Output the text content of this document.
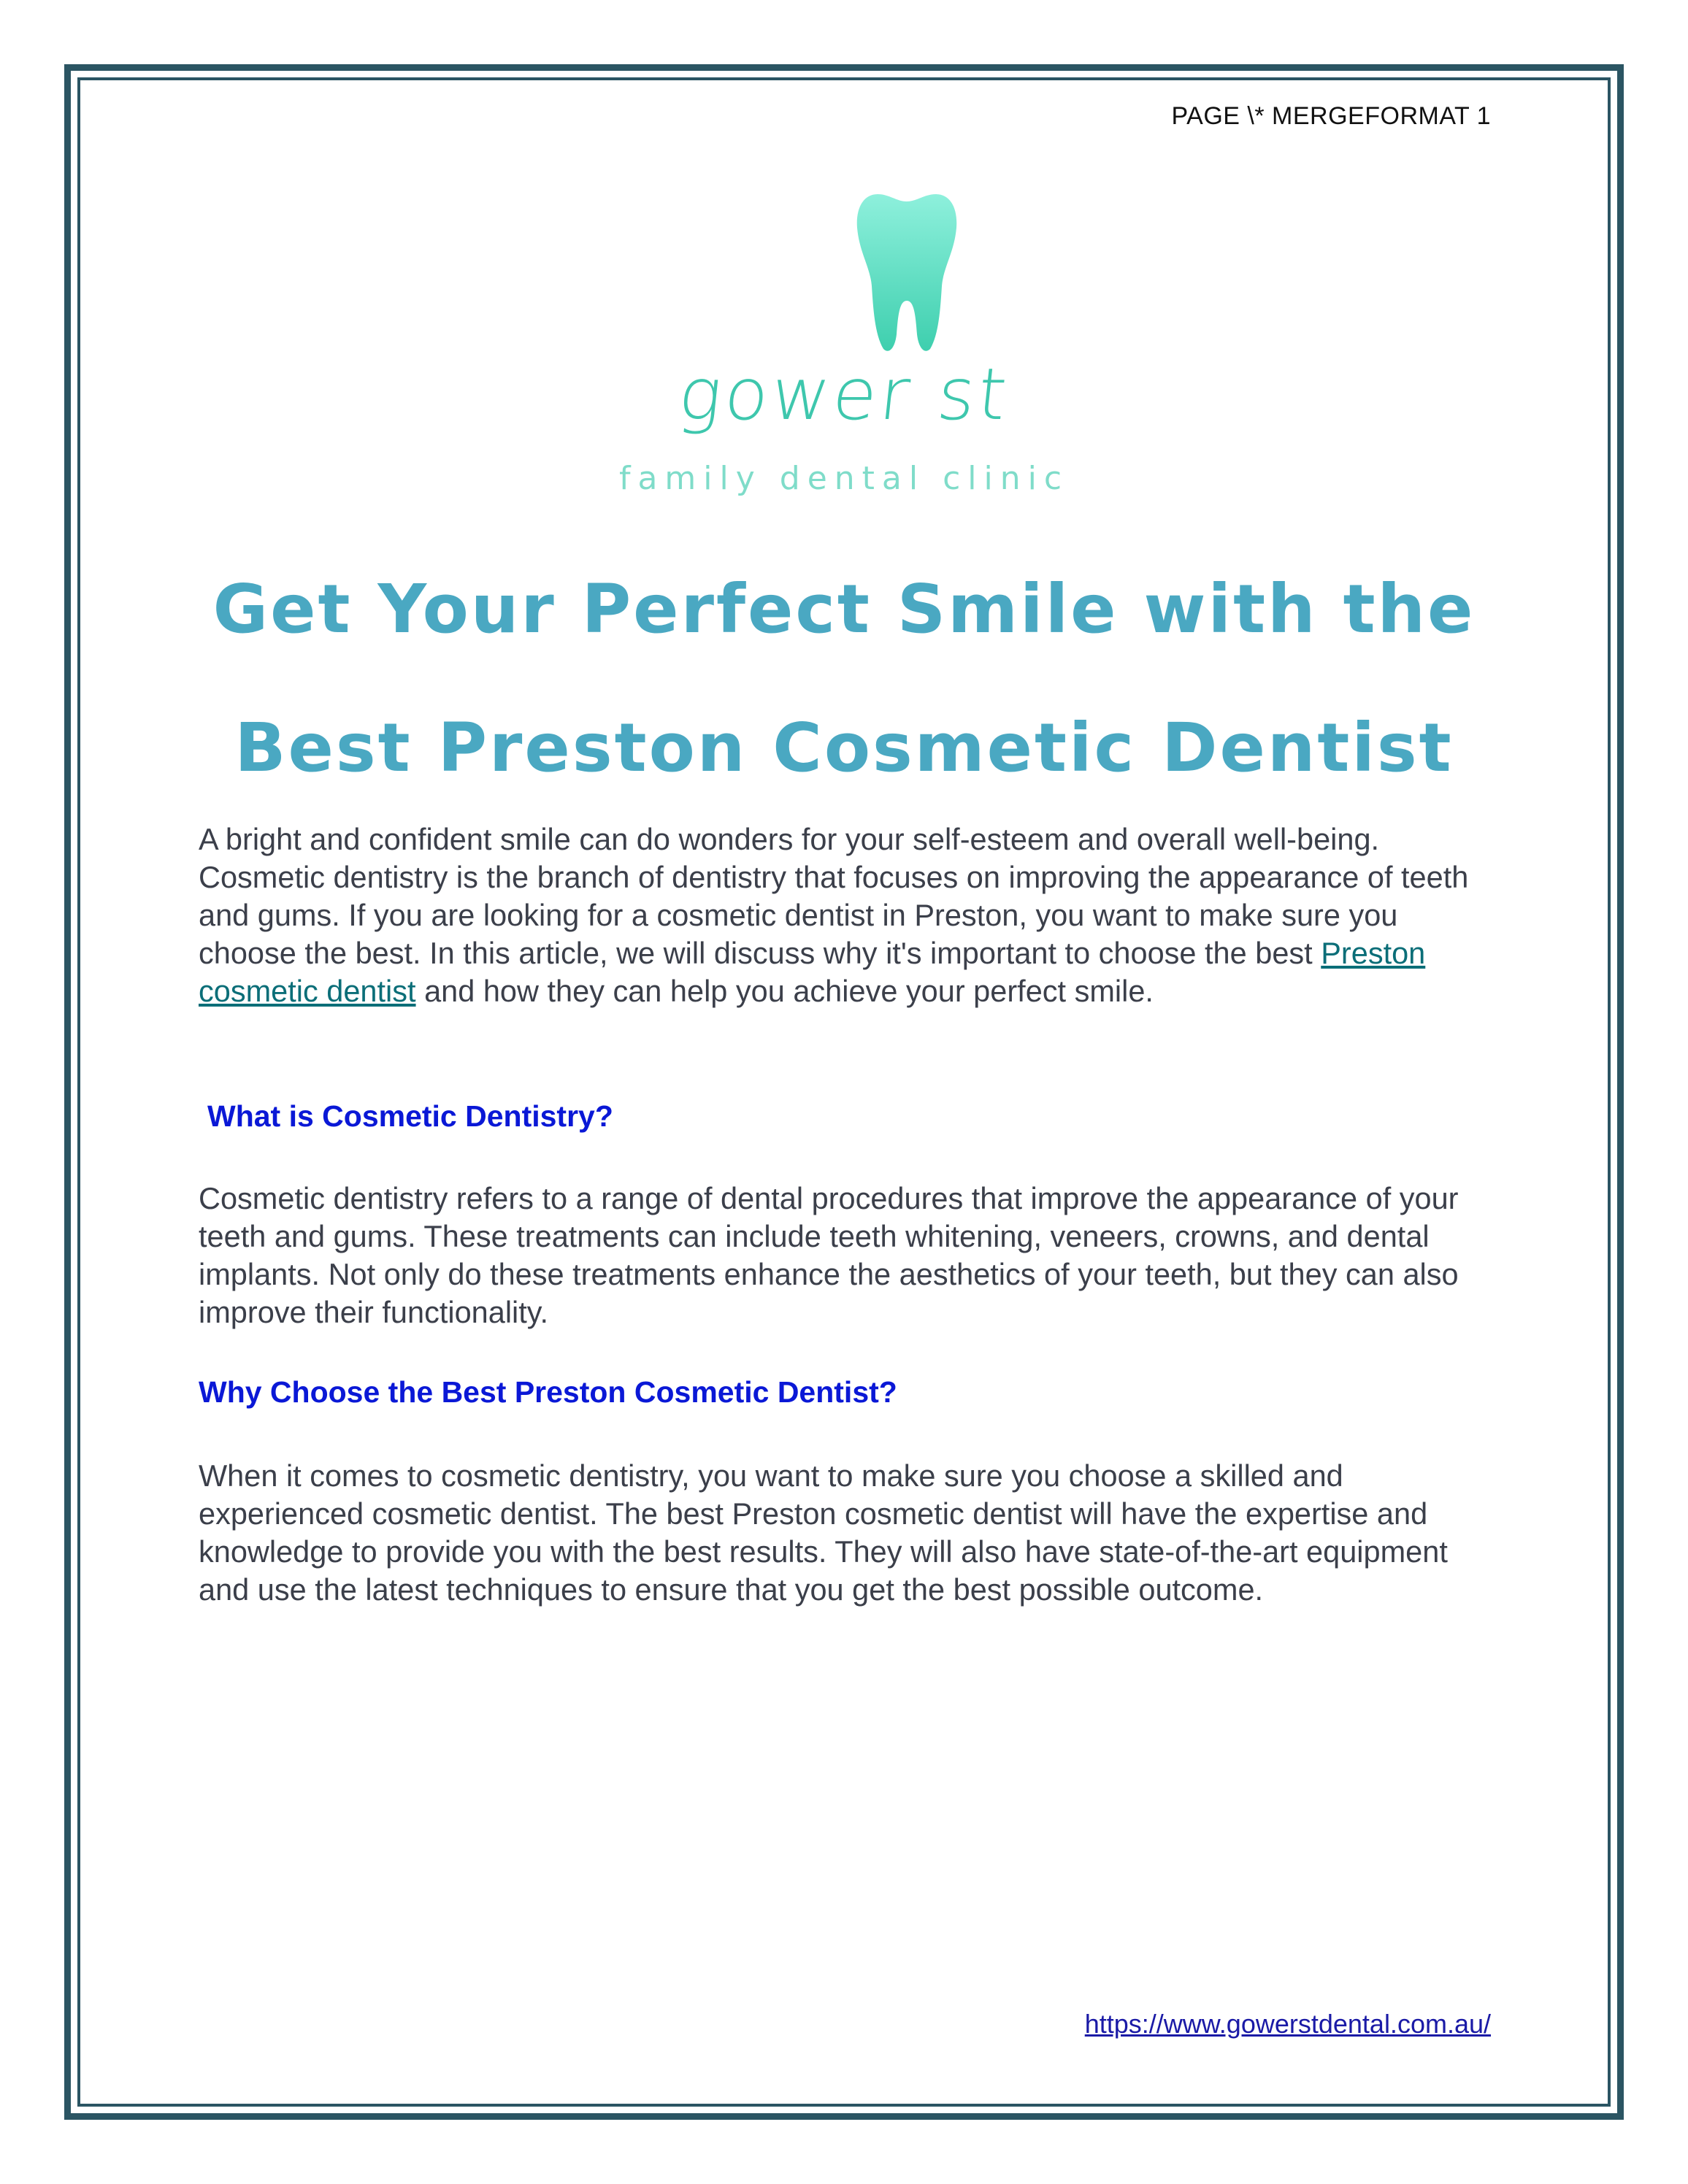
PAGE \* MERGEFORMAT 1
gower st
family dental clinic
Get Your Perfect Smile with the
Best Preston Cosmetic Dentist

A bright and confident smile can do wonders for your self-esteem and overall well-being. Cosmetic dentistry is the branch of dentistry that focuses on improving the appearance of teeth and gums. If you are looking for a cosmetic dentist in Preston, you want to make sure you choose the best. In this article, we will discuss why it's important to choose the best Preston cosmetic dentist and how they can help you achieve your perfect smile.

What is Cosmetic Dentistry?

Cosmetic dentistry refers to a range of dental procedures that improve the appearance of your teeth and gums. These treatments can include teeth whitening, veneers, crowns, and dental implants. Not only do these treatments enhance the aesthetics of your teeth, but they can also improve their functionality.

Why Choose the Best Preston Cosmetic Dentist?

When it comes to cosmetic dentistry, you want to make sure you choose a skilled and experienced cosmetic dentist. The best Preston cosmetic dentist will have the expertise and knowledge to provide you with the best results. They will also have state-of-the-art equipment and use the latest techniques to ensure that you get the best possible outcome.

https://www.gowerstdental.com.au/
